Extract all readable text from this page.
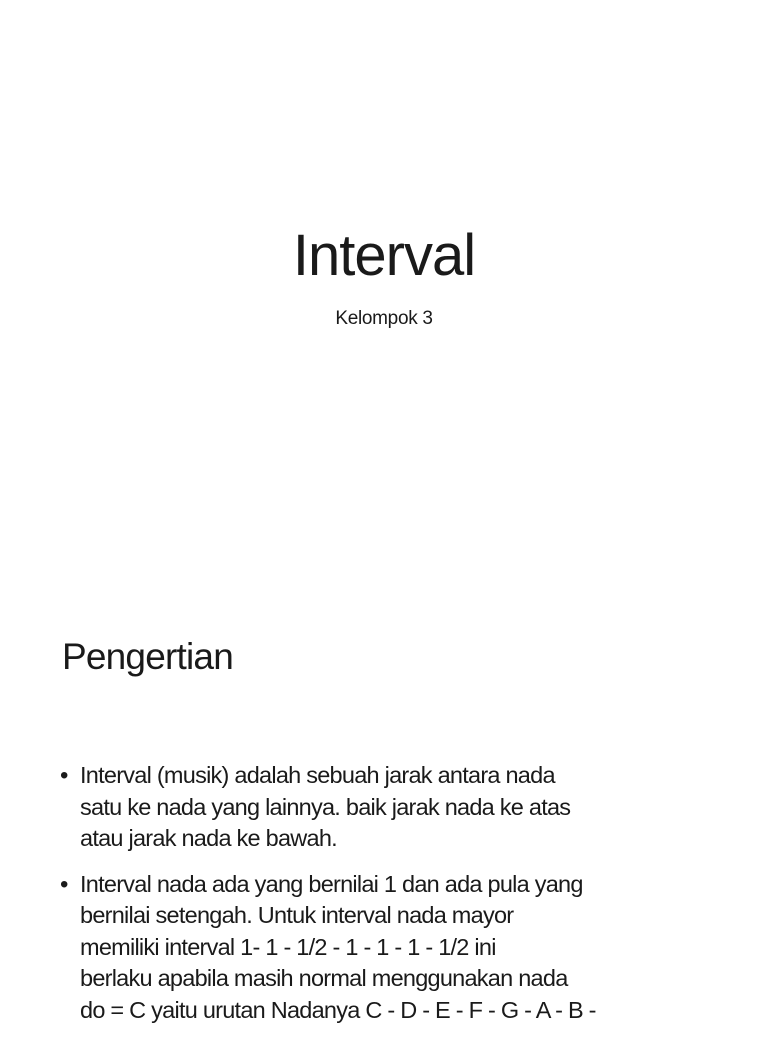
Interval
Kelompok 3
Pengertian
• Interval (musik) adalah sebuah jarak antara nada
satu ke nada yang lainnya. baik jarak nada ke atas
atau jarak nada ke bawah.
• Interval nada ada yang bernilai 1 dan ada pula yang
bernilai setengah. Untuk interval nada mayor
memiliki interval 1- 1 - 1/2 - 1 - 1 - 1 - 1/2 ini
berlaku apabila masih normal menggunakan nada
do = C yaitu urutan Nadanya C - D - E - F - G - A - B -
